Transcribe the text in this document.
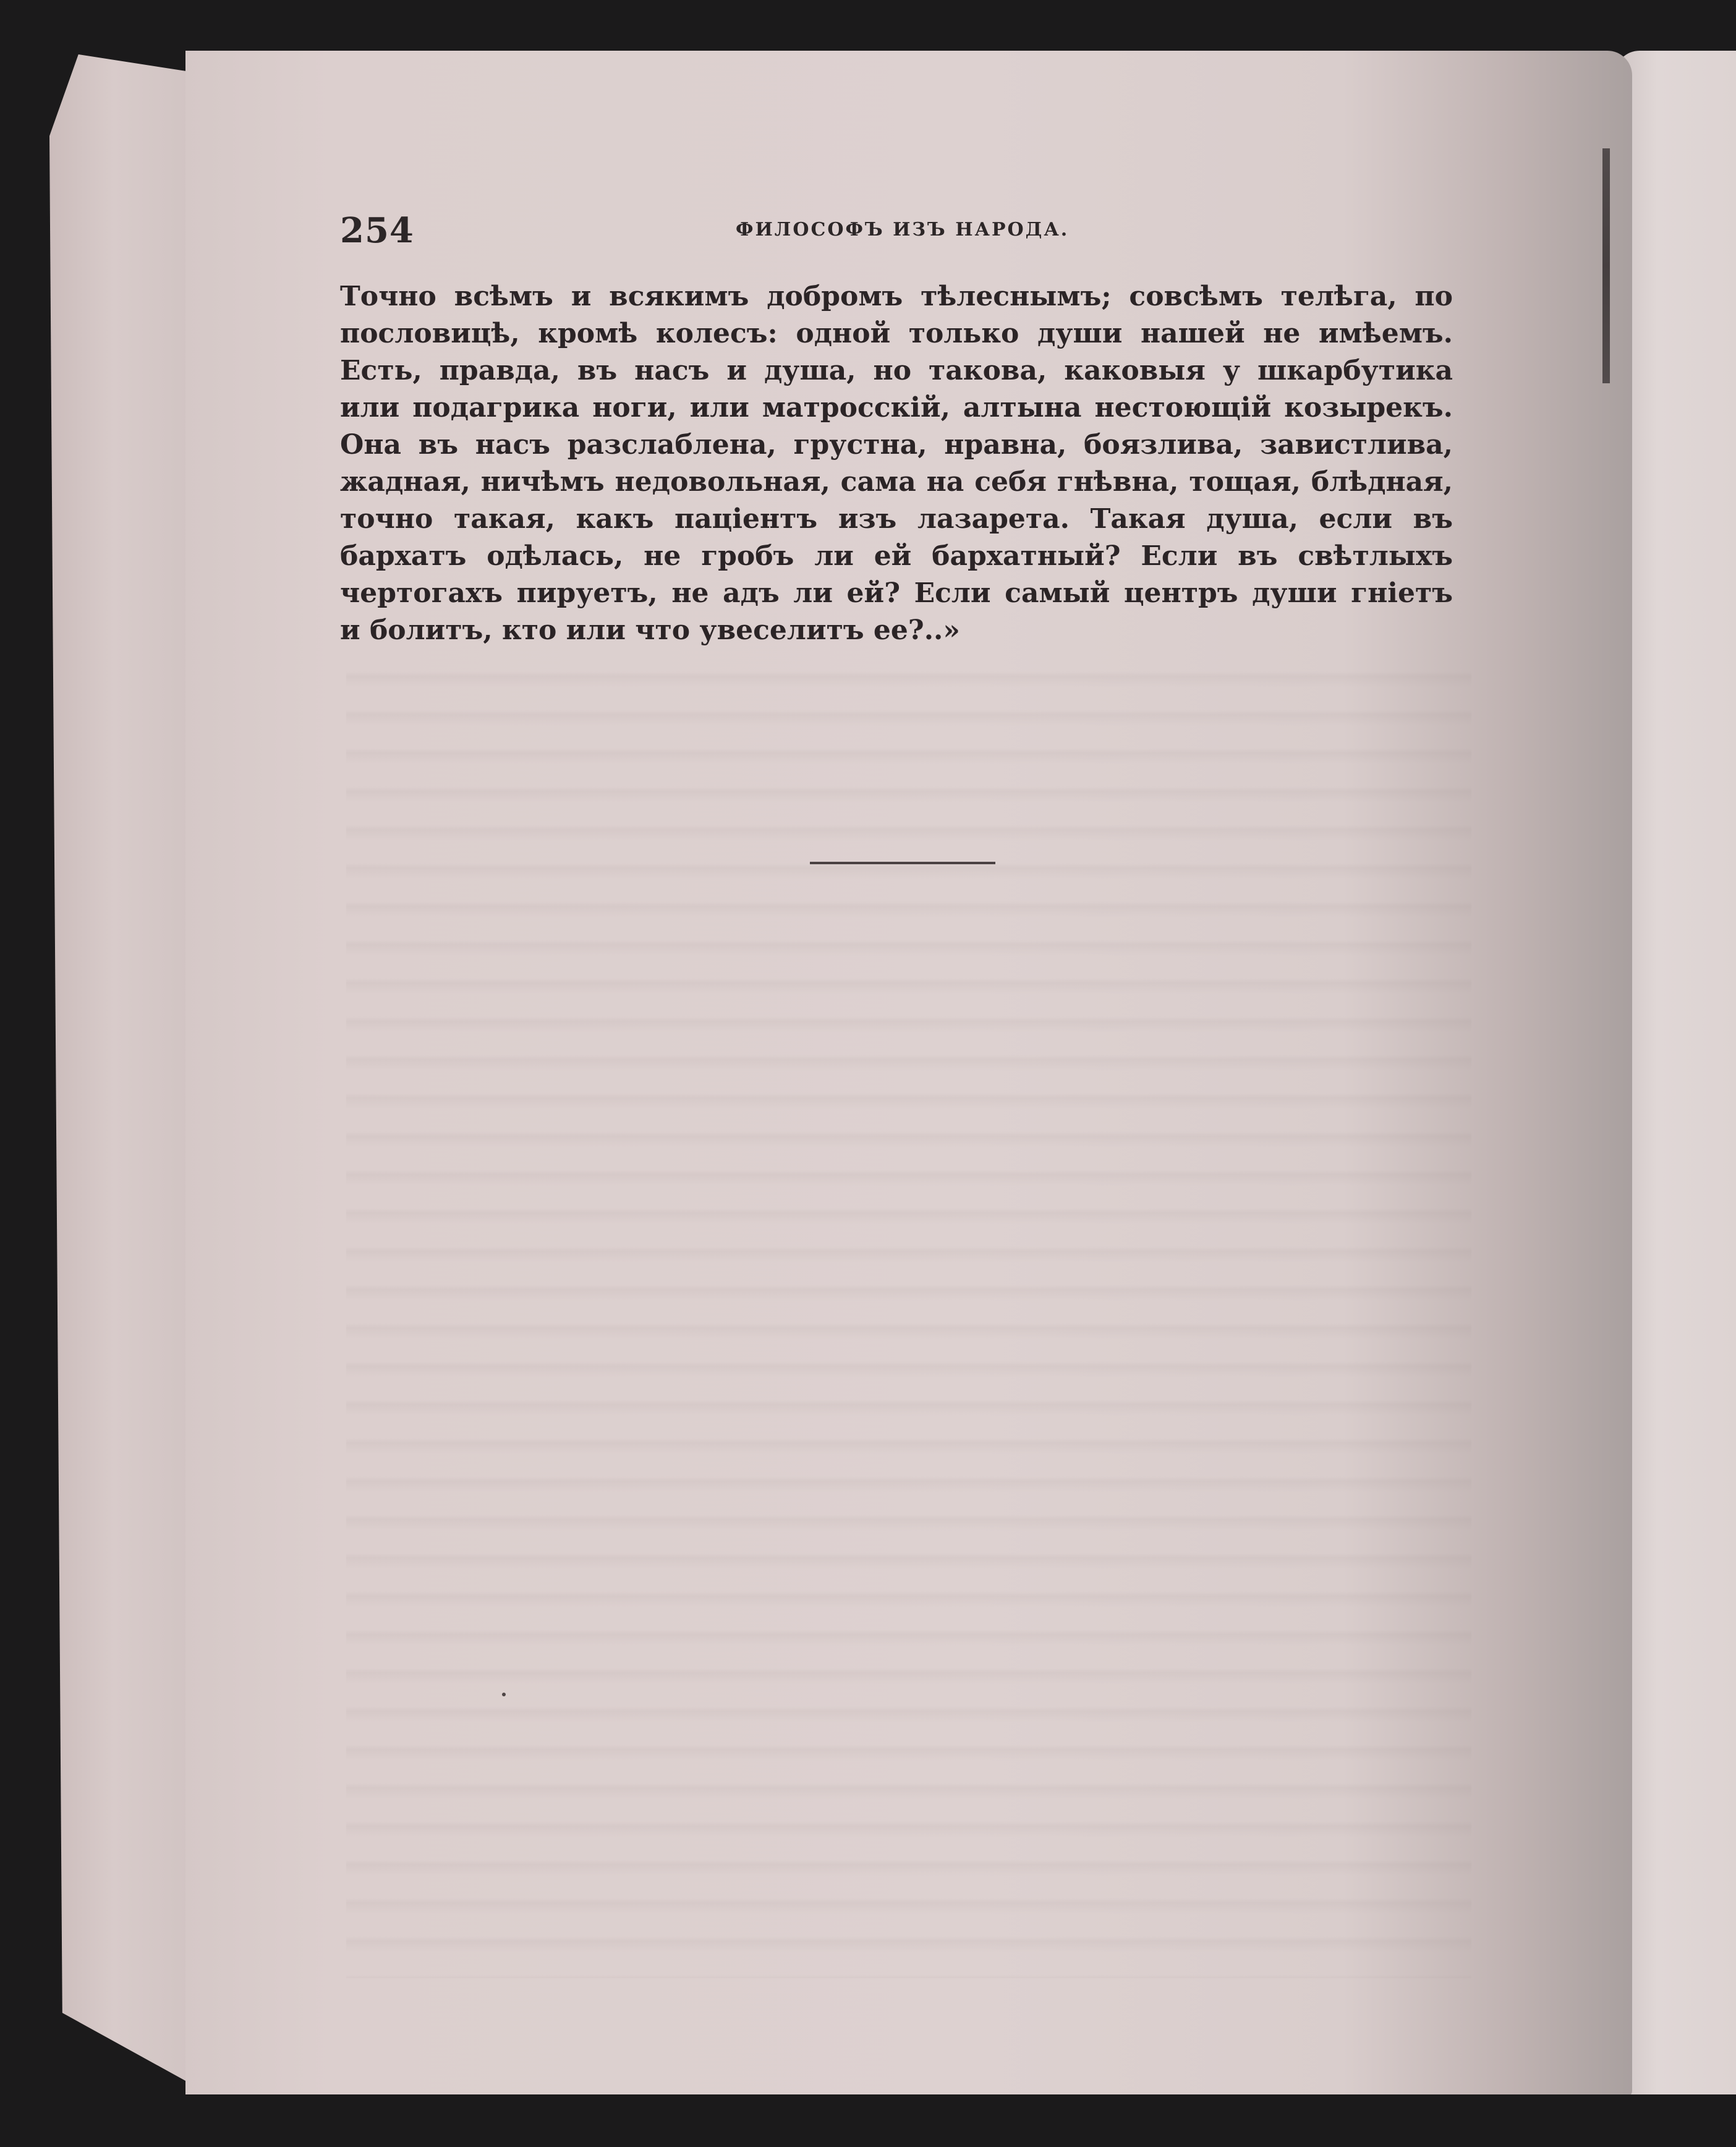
254	ФИЛОСОФЪ ИЗЪ НАРОДА.
Точно всѣмъ и всякимъ добромъ тѣлеснымъ; совсѣмъ телѣга, по
пословицѣ, кромѣ колесъ: одной только души нашей не имѣемъ.
Есть, правда, въ насъ и душа, но такова, каковыя у шкарбутика
или подагрика ноги, или матросскій, алтына нестоющій козырекъ.
Она въ насъ разслаблена, грустна, нравна, боязлива, завистлива,
жадная, ничѣмъ недовольная, сама на себя гнѣвна, тощая, блѣдная,
точно такая, какъ паціентъ изъ лазарета. Такая душа, если въ
бархатъ одѣлась, не гробъ ли ей бархатный? Если въ свѣтлыхъ
чертогахъ пируетъ, не адъ ли ей? Если самый центръ души гніетъ
и болитъ, кто или что увеселитъ ее?..»
